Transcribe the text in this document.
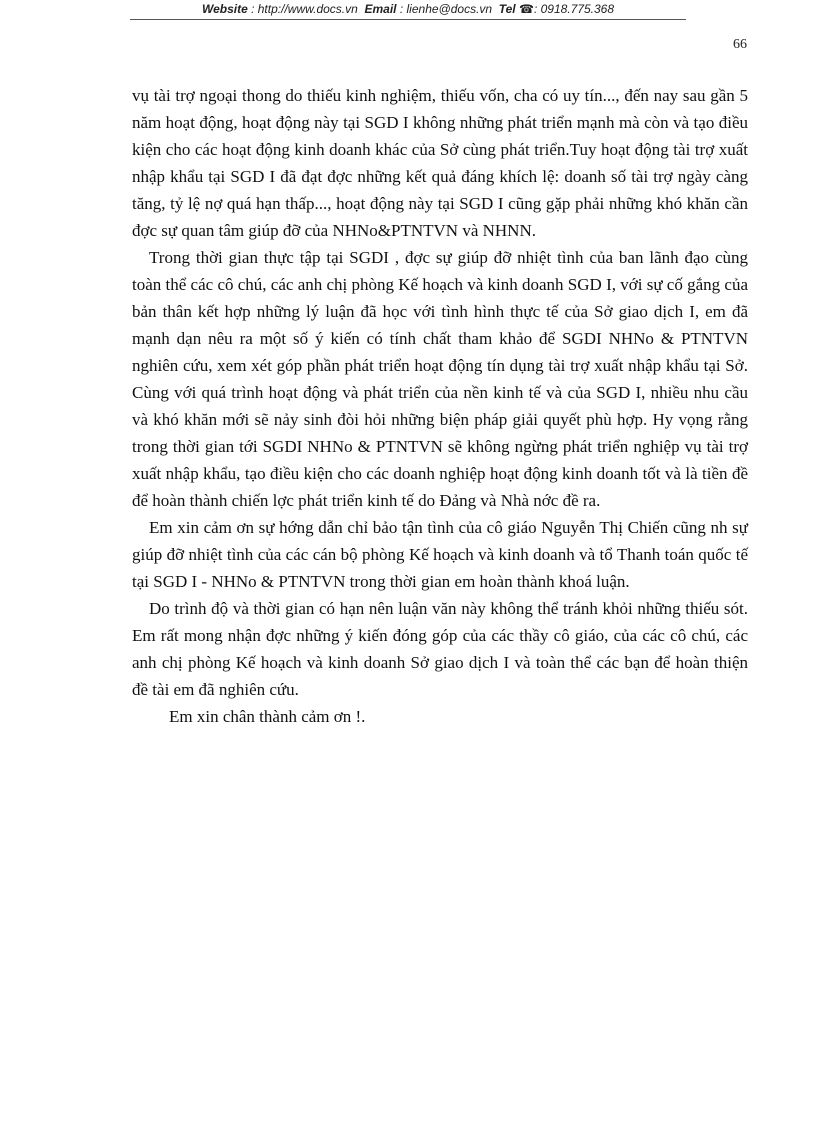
Website : http://www.docs.vn Email : lienhe@docs.vn Tel ☎: 0918.775.368
66

vụ tài trợ ngoại thong do thiếu kinh nghiệm, thiếu vốn, cha có uy tín..., đến nay sau gần 5 năm hoạt động, hoạt động này tại SGD I không những phát triển mạnh mà còn và tạo điều kiện cho các hoạt động kinh doanh khác của Sở cùng phát triển.Tuy hoạt động tài trợ xuất nhập khẩu tại SGD I đã đạt đợc những kết quả đáng khích lệ: doanh số tài trợ ngày càng tăng, tỷ lệ nợ quá hạn thấp..., hoạt động này tại SGD I cũng gặp phải những khó khăn cần đợc sự quan tâm giúp đỡ của NHNo&PTNTVN và NHNN.

Trong thời gian thực tập tại SGDI , đợc sự giúp đỡ nhiệt tình của ban lãnh đạo cùng toàn thể các cô chú, các anh chị phòng Kế hoạch và kinh doanh SGD I, với sự cố gắng của bản thân kết hợp những lý luận đã học với tình hình thực tế của Sở giao dịch I, em đã mạnh dạn nêu ra một số ý kiến có tính chất tham khảo để SGDI NHNo & PTNTVN nghiên cứu, xem xét góp phần phát triển hoạt động tín dụng tài trợ xuất nhập khẩu tại Sở. Cùng với quá trình hoạt động và phát triển của nền kinh tế và của SGD I, nhiều nhu cầu và khó khăn mới sẽ nảy sinh đòi hỏi những biện pháp giải quyết phù hợp. Hy vọng rằng trong thời gian tới SGDI NHNo & PTNTVN sẽ không ngừng phát triển nghiệp vụ tài trợ xuất nhập khẩu, tạo điều kiện cho các doanh nghiệp hoạt động kinh doanh tốt và là tiền đề để hoàn thành chiến lợc phát triển kinh tế do Đảng và Nhà nớc đề ra.

Em xin cảm ơn sự hớng dẫn chỉ bảo tận tình của cô giáo Nguyễn Thị Chiến cũng nh sự giúp đỡ nhiệt tình của các cán bộ phòng Kế hoạch và kinh doanh và tổ Thanh toán quốc tế tại SGD I - NHNo & PTNTVN trong thời gian em hoàn thành khoá luận.

Do trình độ và thời gian có hạn nên luận văn này không thể tránh khỏi những thiếu sót. Em rất mong nhận đợc những ý kiến đóng góp của các thầy cô giáo, của các cô chú, các anh chị phòng Kế hoạch và kinh doanh Sở giao dịch I và toàn thể các bạn để hoàn thiện đề tài em đã nghiên cứu.

Em xin chân thành cảm ơn !.
